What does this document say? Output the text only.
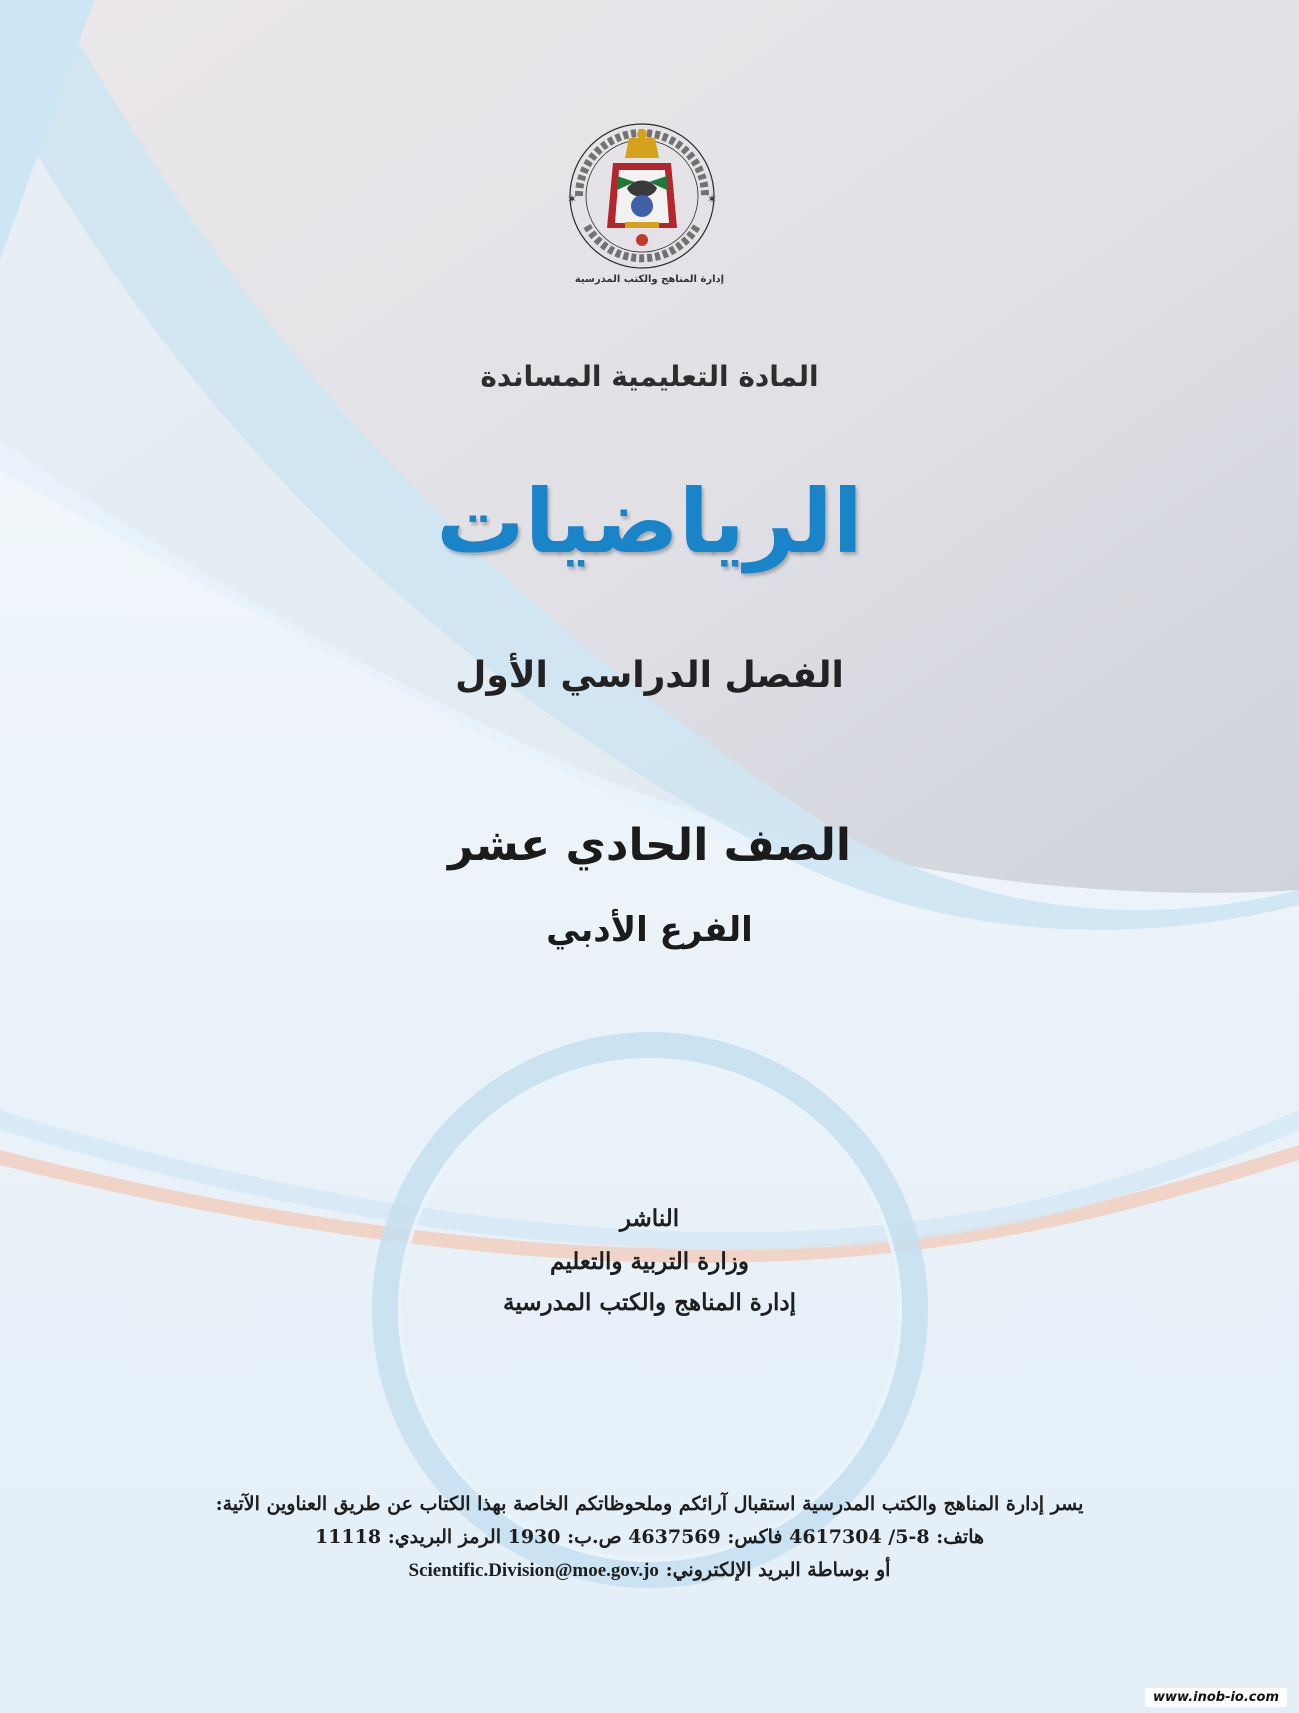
✶	✶
إدارة المناهج والكتب المدرسية
المادة التعليمية المساندة
الرياضيات
الفصل الدراسي الأول
الصف الحادي عشر
الفرع الأدبي
الناشر
وزارة التربية والتعليم
إدارة المناهج والكتب المدرسية
يسر إدارة المناهج والكتب المدرسية استقبال آرائكم وملحوظاتكم الخاصة بهذا الكتاب عن طريق العناوين الآتية:
هاتف: 8-5/ 4617304 فاكس: 4637569 ص.ب: 1930 الرمز البريدي: 11118
أو بوساطة البريد الإلكتروني: Scientific.Division@moe.gov.jo
www.inob-io.com
